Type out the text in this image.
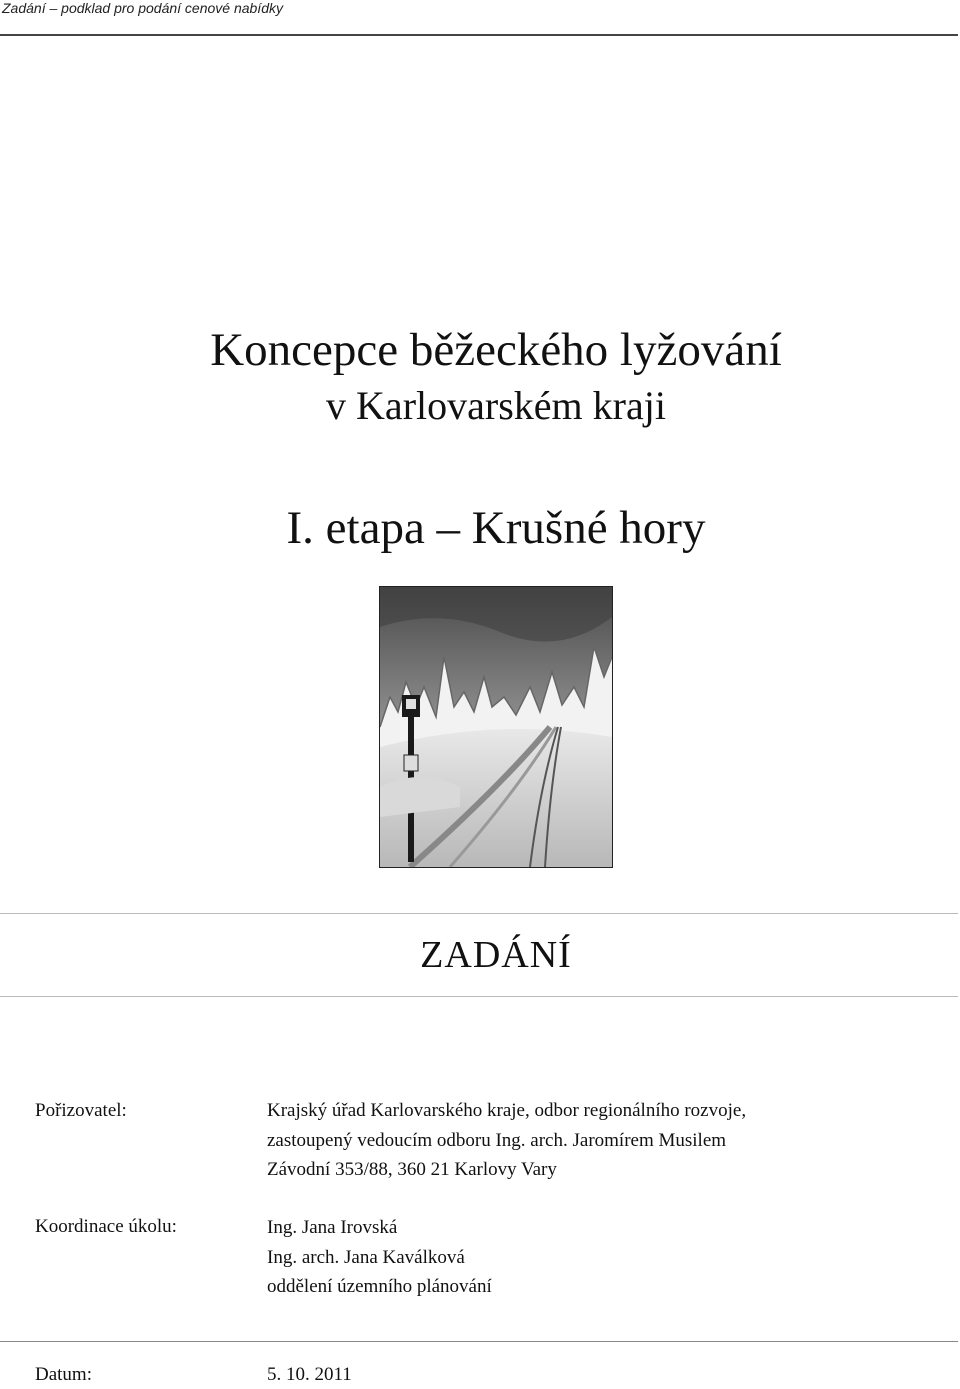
Zadání – podklad pro podání cenové nabídky
Koncepce běžeckého lyžování
v Karlovarském kraji
I. etapa – Krušné hory
ZADÁNÍ
Pořizovatel:	Krajský úřad Karlovarského kraje, odbor regionálního rozvoje,
zastoupený vedoucím odboru Ing. arch. Jaromírem Musilem
Závodní 353/88, 360 21 Karlovy Vary
Koordinace úkolu:	Ing. Jana Irovská
Ing. arch. Jana Kaválková
oddělení územního plánování
Datum:	5. 10. 2011
